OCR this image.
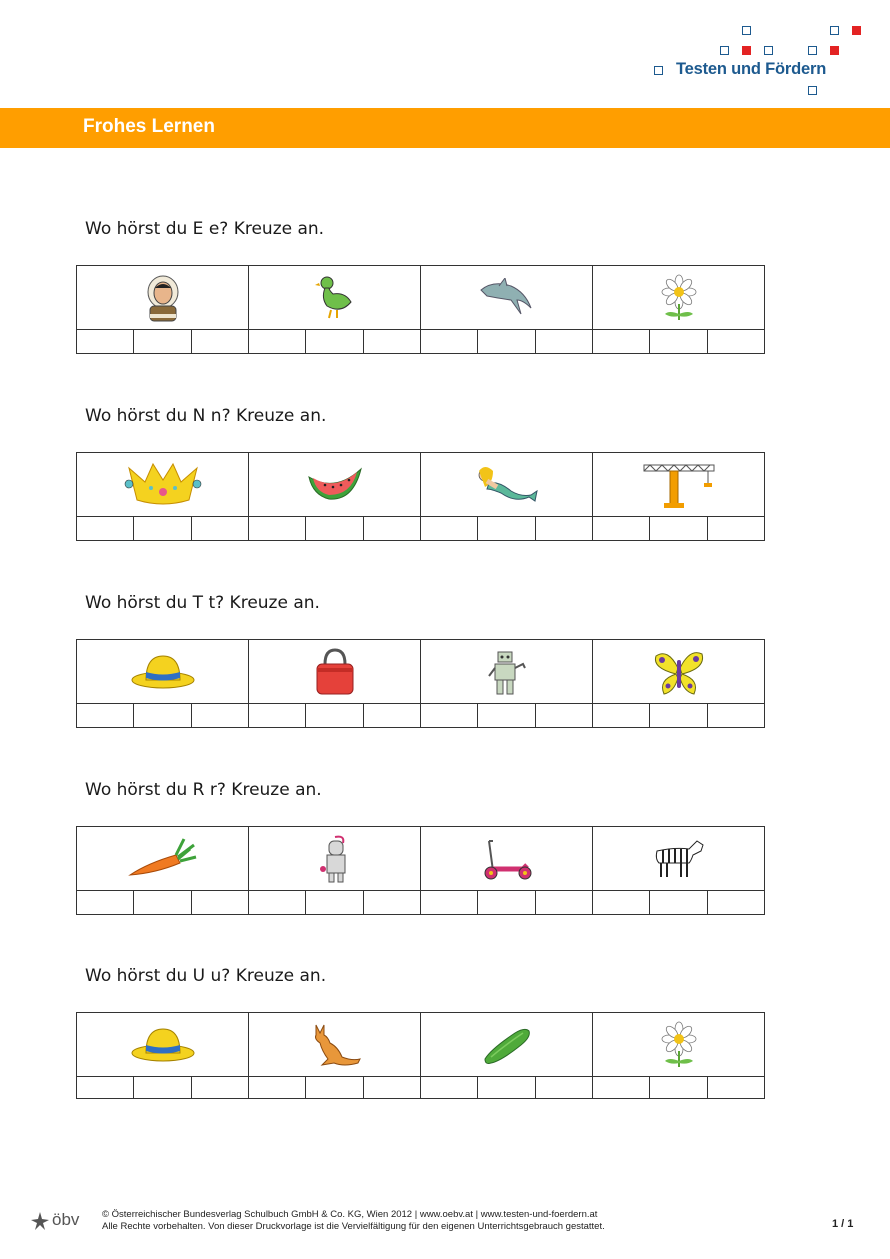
Testen und Fördern
Frohes Lernen
Wo hörst du E e? Kreuze an.
Wo hörst du N n? Kreuze an.
Wo hörst du T t? Kreuze an.
Wo hörst du R r? Kreuze an.
Wo hörst du U u? Kreuze an.
öbv © Österreichischer Bundesverlag Schulbuch GmbH & Co. KG, Wien 2012 | www.oebv.at | www.testen-und-foerdern.at
Alle Rechte vorbehalten. Von dieser Druckvorlage ist die Vervielfältigung für den eigenen Unterrichtsgebrauch gestattet.	1 / 1
